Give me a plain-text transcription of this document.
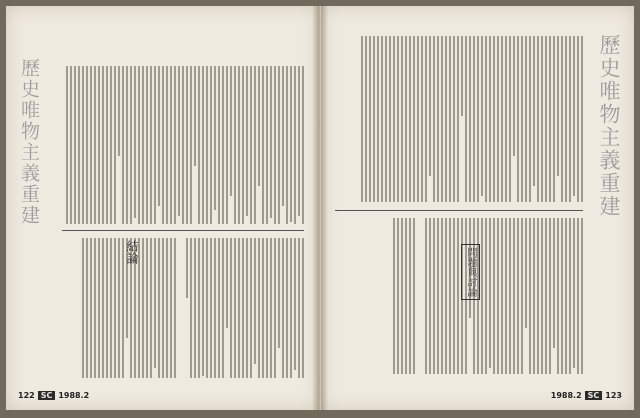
歷史唯物主義重建
結論
122 SC 1988.2
歷史唯物主義重建
問題與討論
1988.2 SC 123
